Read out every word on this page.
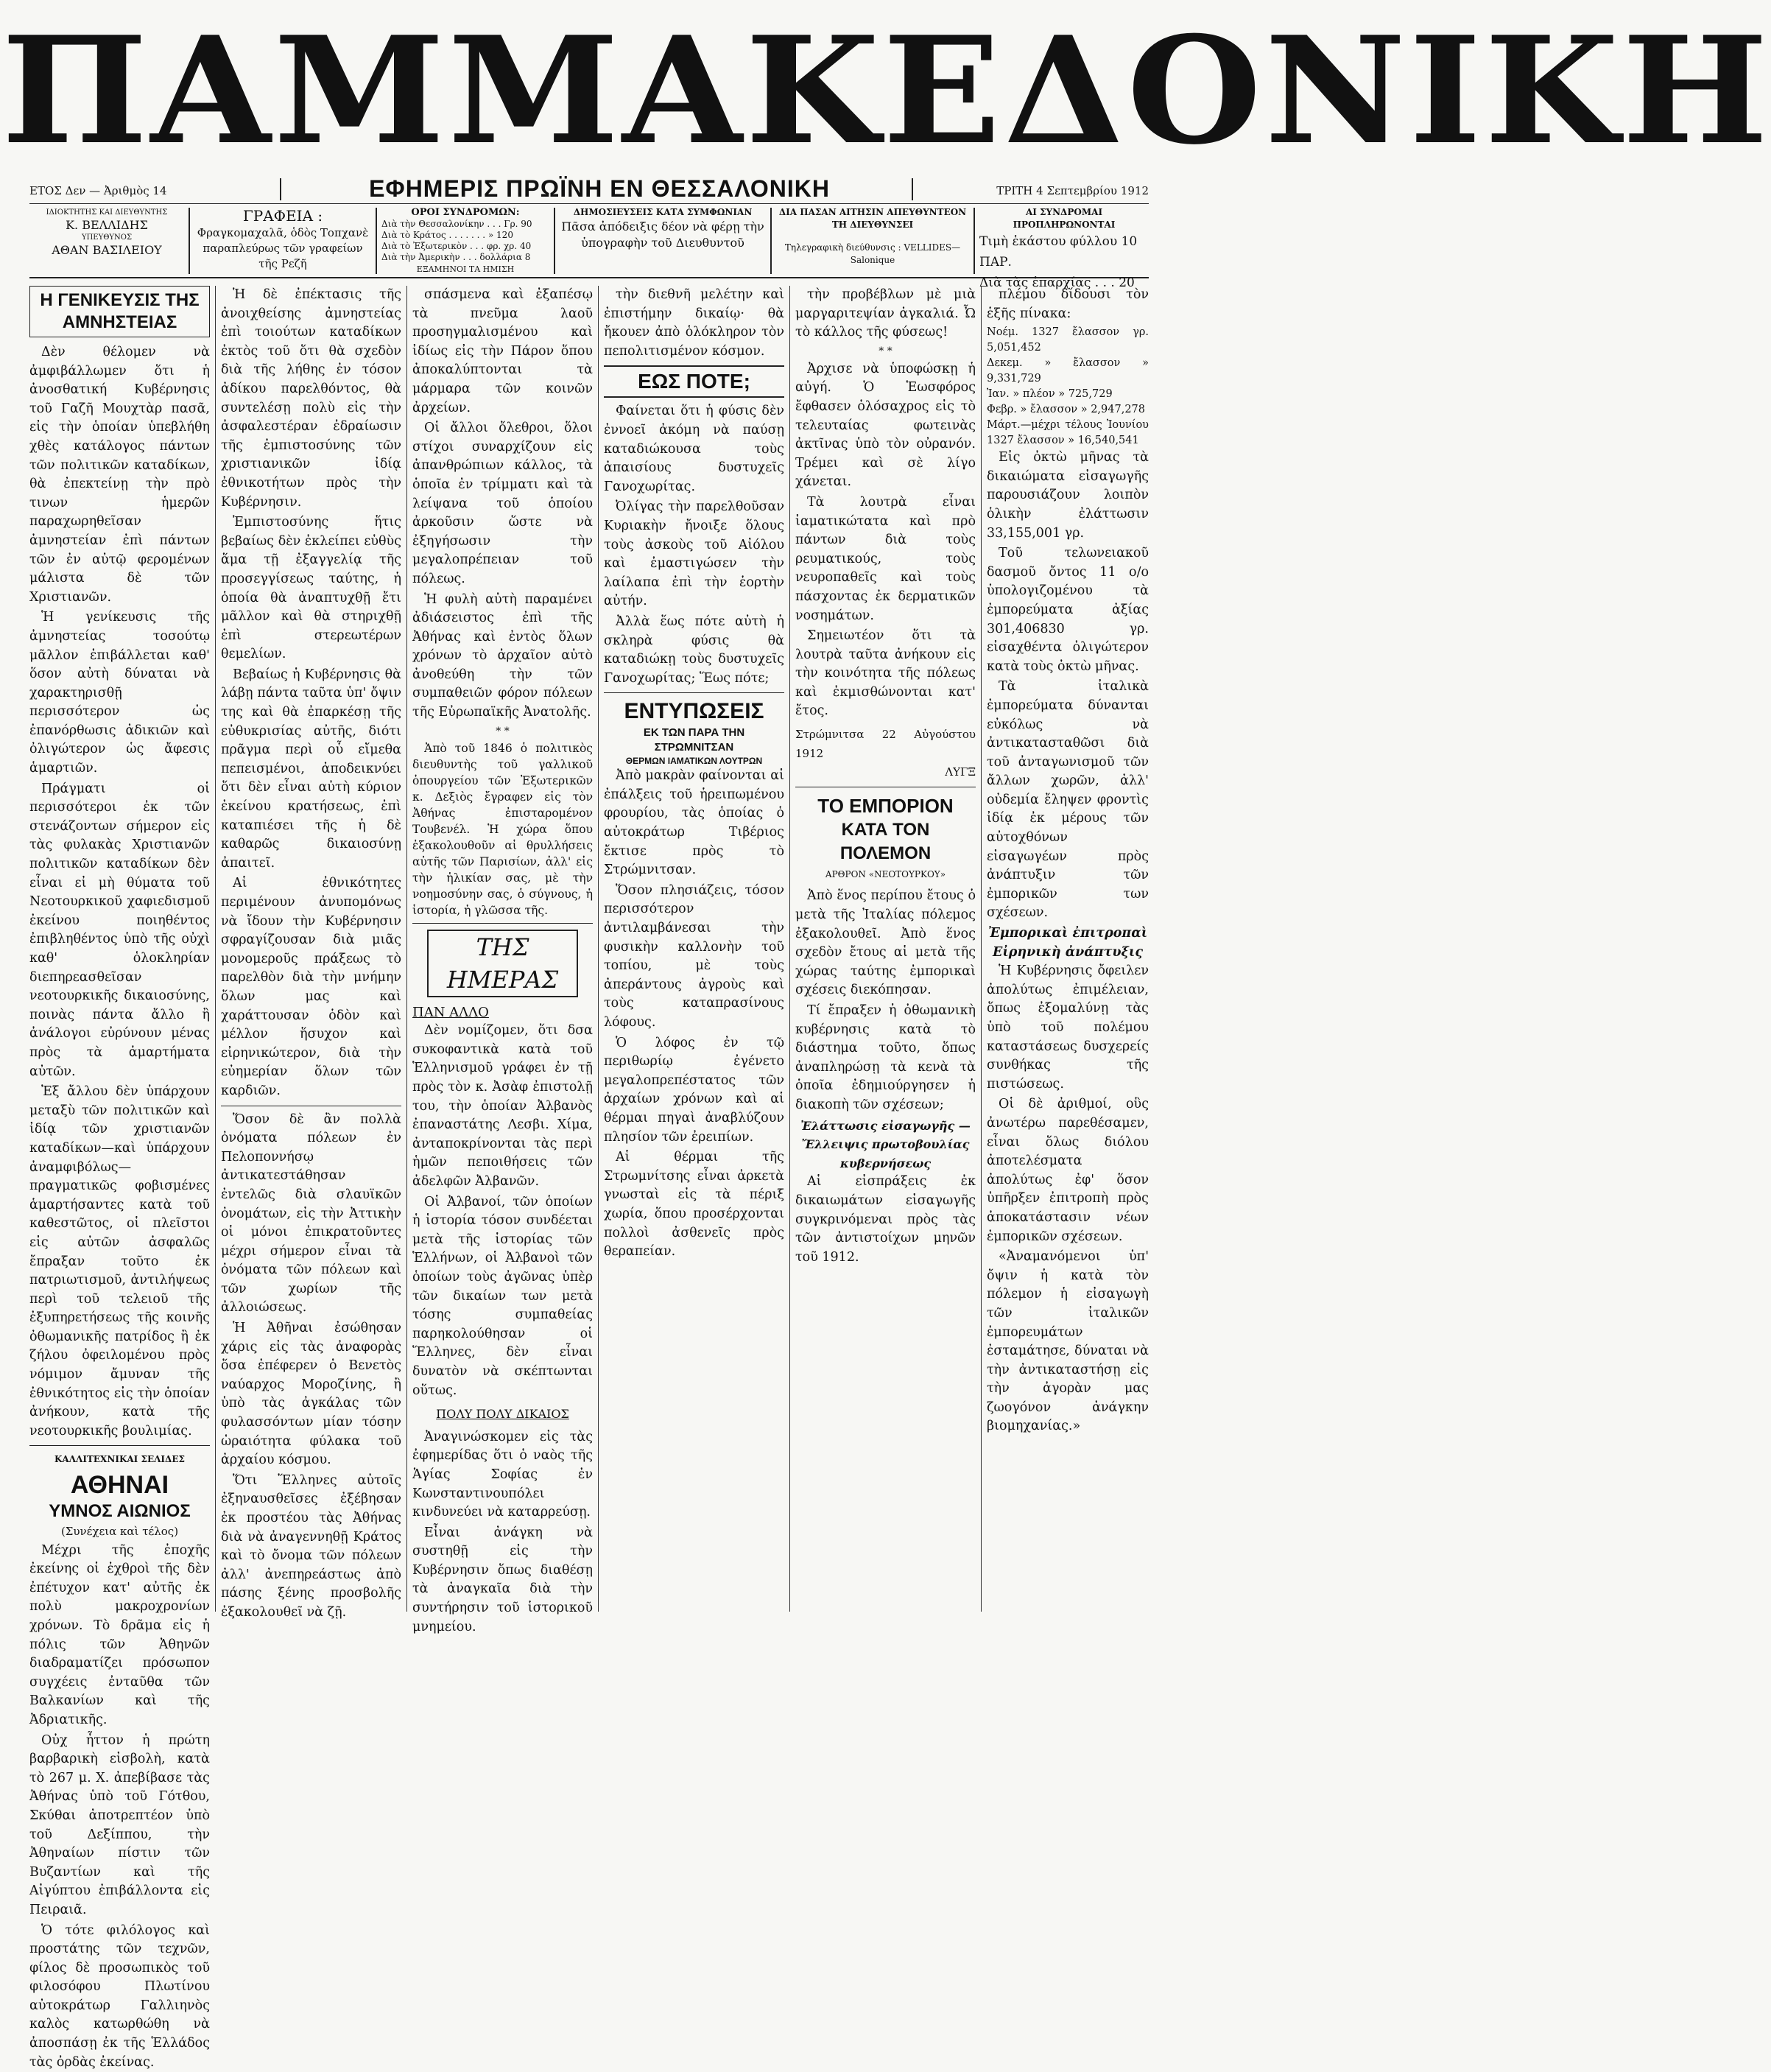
ΠΑΜΜΑΚΕΔΟΝΙΚΗ
ΕΤΟΣ Δεν — Ἀριθμὸς 14	ΕΦΗΜΕΡΙΣ ΠΡΩΪΝΗ ΕΝ ΘΕΣΣΑΛΟΝΙΚΗ	ΤΡΙΤΗ 4 Σεπτεμβρίου 1912
ΙΔΙΟΚΤΗΤΗΣ ΚΑΙ ΔΙΕΥΘΥΝΤΗΣ
Κ. ΒΕΛΛΙΔΗΣ
ΥΠΕΥΘΥΝΟΣ
ΑΘΑΝ ΒΑΣΙΛΕΙΟΥ
ΓΡΑΦΕΙΑ :
Φραγκομαχαλᾶ, ὁδὸς Τοπχανὲ παραπλεύρως τῶν γραφείων τῆς Ρεζῆ
ΟΡΟΙ ΣΥΝΔΡΟΜΩΝ:
Διὰ τὴν Θεσσαλονίκην . . . Γρ. 90
Διὰ τὸ Κράτος . . . . . . . » 120
Διὰ τὸ Ἐξωτερικὸν . . . φρ. χρ. 40
Διὰ τὴν Ἀμερικὴν . . . δολλάρια 8
ΕΞΑΜΗΝΟΙ ΤΑ ΗΜΙΣΗ
ΔΗΜΟΣΙΕΥΣΕΙΣ ΚΑΤΑ ΣΥΜΦΩΝΙΑΝ
Πᾶσα ἀπόδειξις δέον νὰ φέρῃ τὴν ὑπογραφὴν τοῦ Διευθυντοῦ
ΔΙΑ ΠΑΣΑΝ ΑΙΤΗΣΙΝ ΑΠΕΥΘΥΝΤΕΟΝ ΤΗ ΔΙΕΥΘΥΝΣΕΙ
Τηλεγραφικὴ διεύθυνσις : VELLIDES—Salonique
ΑΙ ΣΥΝΔΡΟΜΑΙ ΠΡΟΠΛΗΡΩΝΟΝΤΑΙ
Τιμὴ ἑκάστου φύλλου 10 ΠΑΡ.
Διὰ τὰς ἐπαρχίας . . . 20
Η ΓΕΝΙΚΕΥΣΙΣ ΤΗΣ ΑΜΝΗΣΤΕΙΑΣ

Δὲν θέλομεν νὰ ἀμφιβάλλωμεν ὅτι ἡ ἀνοσθατική Κυβέρνησις τοῦ Γαζῆ Μουχτὰρ πασᾶ, εἰς τὴν ὁποίαν ὑπεβλήθη χθὲς κατάλογος πάντων τῶν πολιτικῶν καταδίκων, θὰ ἐπεκτείνῃ τὴν πρὸ τινων ἡμερῶν παραχωρηθεῖσαν ἀμνηστείαν ἐπὶ πάντων τῶν ἐν αὐτῷ φερομένων μάλιστα δὲ τῶν Χριστιανῶν.

Ἡ γενίκευσις τῆς ἀμνηστείας τοσούτῳ μᾶλλον ἐπιβάλλεται καθ' ὅσον αὐτὴ δύναται νὰ χαρακτηρισθῇ περισσότερον ὡς ἐπανόρθωσις ἀδικιῶν καὶ ὀλιγώτερον ὡς ἄφεσις ἁμαρτιῶν.

Πράγματι οἱ περισσότεροι ἐκ τῶν στενάζοντων σήμερον εἰς τὰς φυλακὰς Χριστιανῶν πολιτικῶν καταδίκων δὲν εἶναι εἰ μὴ θύματα τοῦ Νεοτουρκικοῦ χαφιεδισμοῦ ἐκείνου ποιηθέντος ἐπιβληθέντος ὑπὸ τῆς οὐχὶ καθ' ὁλοκληρίαν διεπηρεασθεῖσαν νεοτουρκικῆς δικαιοσύνης, ποινὰς πάντα ἄλλο ἢ ἀνάλογοι εὐρύνουν μένας πρὸς τὰ ἁμαρτήματα αὐτῶν.

Ἐξ ἄλλου δὲν ὑπάρχουν μεταξὺ τῶν πολιτικῶν καὶ ἰδίᾳ τῶν χριστιανῶν καταδίκων—καὶ ὑπάρχουν ἀναμφιβόλως—πραγματικῶς φοβισμένες ἁμαρτήσαντες κατὰ τοῦ καθεστῶτος, οἱ πλεῖστοι εἰς αὐτῶν ἀσφαλῶς ἔπραξαν τοῦτο ἐκ πατριωτισμοῦ, ἀντιλήψεως περὶ τοῦ τελειοῦ τῆς ἐξυπηρετήσεως τῆς κοινῆς ὀθωμανικῆς πατρίδος ἢ ἐκ ζήλου ὀφειλομένου πρὸς νόμιμον ἄμυναν τῆς ἐθνικότητος εἰς τὴν ὁποίαν ἀνήκουν, κατὰ τῆς νεοτουρκικῆς βουλιμίας.

ΚΑΛΛΙΤΕΧΝΙΚΑΙ ΣΕΛΙΔΕΣ
ΑΘΗΝΑΙ
ΥΜΝΟΣ ΑΙΩΝΙΟΣ
(Συνέχεια καὶ τέλος)

Μέχρι τῆς ἐποχῆς ἐκείνης οἱ ἐχθροὶ τῆς δὲν ἐπέτυχον κατ' αὐτῆς ἐκ πολὺ μακροχρονίων χρόνων. Τὸ δρᾶμα εἰς ἡ πόλις τῶν Ἀθηνῶν διαδραματίζει πρόσωπον συγχέεις ἐνταῦθα τῶν Βαλκανίων καὶ τῆς Ἀδριατικῆς.

Οὐχ ἧττον ἡ πρώτη βαρβαρικὴ εἰσβολὴ, κατὰ τὸ 267 μ. Χ. ἀπεβίβασε τὰς Ἀθήνας ὑπὸ τοῦ Γότθου, Σκύθαι ἀποτρεπτέον ὑπὸ τοῦ Δεξίππου, τὴν Ἀθηναίων πίστιν τῶν Βυζαντίων καὶ τῆς Αἰγύπτου ἐπιβάλλοντα εἰς Πειραιᾶ.

Ὁ τότε φιλόλογος καὶ προστάτης τῶν τεχνῶν, φίλος δὲ προσωπικὸς τοῦ φιλοσόφου Πλωτίνου αὐτοκράτωρ Γαλλιηνὸς καλὸς κατωρθώθη νὰ ἀποσπάσῃ ἐκ τῆς Ἑλλάδος τὰς ὀρδὰς ἐκείνας.

Ἡ δὲ ἐπέκτασις τῆς ἀνοιχθείσης ἀμνηστείας ἐπὶ τοιούτων καταδίκων ἐκτὸς τοῦ ὅτι θὰ σχεδὸν διὰ τῆς λήθης ἐν τόσον ἀδίκου παρελθόντος, θὰ συντελέσῃ πολὺ εἰς τὴν ἀσφαλεστέραν ἐδραίωσιν τῆς ἐμπιστοσύνης τῶν χριστιανικῶν ἰδίᾳ ἐθνικοτήτων πρὸς τὴν Κυβέρνησιν.

Ἐμπιστοσύνης ἥτις βεβαίως δὲν ἐκλείπει εὑθὺς ἅμα τῇ ἐξαγγελίᾳ τῆς προσεγγίσεως ταύτης, ἡ ὁποία θὰ ἀναπτυχθῇ ἔτι μᾶλλον καὶ θὰ στηριχθῇ ἐπὶ στερεωτέρων θεμελίων.

Βεβαίως ἡ Κυβέρνησις θὰ λάβῃ πάντα ταῦτα ὑπ' ὄψιν της καὶ θὰ ἐπαρκέσῃ τῆς εὐθυκρισίας αὐτῆς, διότι πρᾶγμα περὶ οὗ εἴμεθα πεπεισμένοι, ἀποδεικνύει ὅτι δὲν εἶναι αὐτὴ κύριον ἐκείνου κρατήσεως, ἐπὶ καταπιέσει τῆς ἡ δὲ καθαρῶς δικαιοσύνῃ ἀπαιτεῖ.

Αἱ ἐθνικότητες περιμένουν ἀνυπομόνως νὰ ἴδουν τὴν Κυβέρνησιν σφραγίζουσαν διὰ μιᾶς μονομεροῦς πράξεως τὸ παρελθὸν διὰ τὴν μνήμην ὅλων μας καὶ χαράττουσαν ὁδὸν καὶ μέλλον ἥσυχον καὶ εἰρηνικώτερον, διὰ τὴν εὐημερίαν ὅλων τῶν καρδιῶν.

Ὅσον δὲ ἂν πολλὰ ὀνόματα πόλεων ἐν Πελοποννήσῳ ἀντικατεστάθησαν ἐντελῶς διὰ σλαυϊκῶν ὀνομάτων, εἰς τὴν Ἀττικὴν οἱ μόνοι ἐπικρατοῦντες μέχρι σήμερον εἶναι τὰ ὀνόματα τῶν πόλεων καὶ τῶν χωρίων τῆς ἀλλοιώσεως.

Ἡ Ἀθῆναι ἐσώθησαν χάρις εἰς τὰς ἀναφορὰς ὅσα ἐπέφερεν ὁ Βενετὸς ναύαρχος Μοροζίνης, ἢ ὑπὸ τὰς ἀγκάλας τῶν φυλασσόντων μίαν τόσην ὡραιότητα φύλακα τοῦ ἀρχαίου κόσμου.

Ὅτι Ἕλληνες αὐτοῖς ἐξηναυσθεῖσες ἐξέβησαν ἐκ προστέου τὰς Ἀθήνας διὰ νὰ ἀναγεννηθῇ Κράτος καὶ τὸ ὄνομα τῶν πόλεων ἀλλ' ἀνεπηρεάστως ἀπὸ πάσης ξένης προσβολῆς ἐξακολουθεῖ νὰ ζῇ.

σπάσμενα καὶ ἐξαπέσῳ τὰ πνεῦμα λαοῦ προσηγμαλισμένου καὶ ἰδίως εἰς τὴν Πάρον ὅπου ἀποκαλύπτονται τὰ μάρμαρα τῶν κοινῶν ἀρχείων.

Οἱ ἄλλοι ὄλεθροι, ὅλοι στίχοι συναρχίζουν εἰς ἀπανθρώπιων κάλλος, τὰ ὁποῖα ἐν τρίμματι καὶ τὰ λείψανα τοῦ ὁποίου ἀρκοῦσιν ὥστε νὰ ἐξηγήσωσιν τὴν μεγαλοπρέπειαν τοῦ πόλεως.

Ἡ φυλὴ αὐτὴ παραμένει ἀδιάσειστος ἐπὶ τῆς Ἀθήνας καὶ ἐντὸς ὅλων χρόνων τὸ ἀρχαῖον αὐτὸ ἀνοθεύθη τὴν τῶν συμπαθειῶν φόρον πόλεων τῆς Εὐρωπαϊκῆς Ἀνατολῆς.

* *

Ἀπὸ τοῦ 1846 ὁ πολιτικὸς διευθυντὴς τοῦ γαλλικοῦ ὁπουργείου τῶν Ἐξωτερικῶν κ. Δεξιὸς ἔγραφεν εἰς τὸν Ἀθήνας ἐπισταρομένον Τουβενέλ. Ἡ χώρα ὅπου ἐξακολουθοῦν αἱ θρυλλήσεις αὐτῆς τῶν Παρισίων, ἀλλ' εἰς τὴν ἡλικίαν σας, μὲ τὴν νοημοσύνην σας, ὁ σύγνους, ἡ ἱστορία, ἡ γλῶσσα τῆς.

ΤΗΣ ΗΜΕΡΑΣ
ΠΑΝ ΑΛΛΟ

Δὲν νομίζομεν, ὅτι δσα συκοφαντικὰ κατὰ τοῦ Ἑλληνισμοῦ γράφει ἐν τῇ πρὸς τὸν κ. Ἀσὰφ ἐπιστολῇ του, τὴν ὁποίαν Ἀλβανὸς ἐπαναστάτης Λεσβι. Χίμα, ἀνταποκρίνονται τὰς περὶ ἡμῶν πεποιθήσεις τῶν ἀδελφῶν Ἀλβανῶν.

Οἱ Ἀλβανοί, τῶν ὁποίων ἡ ἱστορία τόσον συνδέεται μετὰ τῆς ἱστορίας τῶν Ἑλλήνων, οἱ Ἀλβανοὶ τῶν ὁποίων τοὺς ἀγῶνας ὑπὲρ τῶν δικαίων των μετὰ τόσης συμπαθείας παρηκολούθησαν οἱ Ἕλληνες, δὲν εἶναι δυνατὸν νὰ σκέπτωνται οὕτως.

ΠΟΛΥ ΠΟΛΥ ΔΙΚΑΙΟΣ

Ἀναγινώσκομεν εἰς τὰς ἐφημερίδας ὅτι ὁ ναὸς τῆς Ἁγίας Σοφίας ἐν Κωνσταντινουπόλει κινδυνεύει νὰ καταρρεύσῃ.

Εἶναι ἀνάγκη νὰ συστηθῇ εἰς τὴν Κυβέρνησιν ὅπως διαθέσῃ τὰ ἀναγκαῖα διὰ τὴν συντήρησιν τοῦ ἱστορικοῦ μνημείου.

τὴν διεθνῆ μελέτην καὶ ἐπιστήμην δικαίῳ· θὰ ἤκουεν ἀπὸ ὁλόκληρον τὸν πεπολιτισμένον κόσμον.

ΕΩΣ ΠΟΤΕ;

Φαίνεται ὅτι ἡ φύσις δὲν ἐννοεῖ ἀκόμη νὰ παύσῃ καταδιώκουσα τοὺς ἀπαισίους δυστυχεῖς Γανοχωρίτας.

Ὀλίγας τὴν παρελθοῦσαν Κυριακὴν ἤνοιξε ὅλους τοὺς ἀσκοὺς τοῦ Αἰόλου καὶ ἐμαστιγώσεν τὴν λαίλαπα ἐπὶ τὴν ἑορτὴν αὐτήν.

Ἀλλὰ ἕως πότε αὐτὴ ἡ σκληρὰ φύσις θὰ καταδιώκῃ τοὺς δυστυχεῖς Γανοχωρίτας; Ἕως πότε;

ΕΝΤΥΠΩΣΕΙΣ
ΕΚ ΤΩΝ ΠΑΡΑ ΤΗΝ ΣΤΡΩΜΝΙΤΣΑΝ
ΘΕΡΜΩΝ ΙΑΜΑΤΙΚΩΝ ΛΟΥΤΡΩΝ

Ἀπὸ μακρὰν φαίνονται αἱ ἐπάλξεις τοῦ ἡρειπωμένου φρουρίου, τὰς ὁποίας ὁ αὐτοκράτωρ Τιβέριος ἔκτισε πρὸς τὸ Στρώμνιτσαν.

Ὅσον πλησιάζεις, τόσον περισσότερον ἀντιλαμβάνεσαι τὴν φυσικὴν καλλονὴν τοῦ τοπίου, μὲ τοὺς ἀπεράντους ἀγροὺς καὶ τοὺς καταπρασίνους λόφους.

Ὁ λόφος ἐν τῷ περιθωρίῳ ἐγένετο μεγαλοπρεπέστατος τῶν ἀρχαίων χρόνων καὶ αἱ θέρμαι πηγαὶ ἀναβλύζουν πλησίον τῶν ἐρειπίων.

Αἱ θέρμαι τῆς Στρωμνίτσης εἶναι ἀρκετὰ γνωσταὶ εἰς τὰ πέριξ χωρία, ὅπου προσέρχονται πολλοὶ ἀσθενεῖς πρὸς θεραπείαν.

τὴν προβέβλων μὲ μιὰ μαργαριτεψίαν ἀγκαλιά. Ὦ τὸ κάλλος τῆς φύσεως!

* *

Ἀρχισε νὰ ὑποφώσκῃ ἡ αὐγή. Ὁ Ἑωσφόρος ἔφθασεν ὁλόσαχρος εἰς τὸ τελευταίας φωτεινὰς ἀκτῖνας ὑπὸ τὸν οὐρανόν. Τρέμει καὶ σὲ λίγο χάνεται.

Τὰ λουτρὰ εἶναι ἰαματικώτατα καὶ πρὸ πάντων διὰ τοὺς ρευματικούς, τοὺς νευροπαθεῖς καὶ τοὺς πάσχοντας ἐκ δερματικῶν νοσημάτων.

Σημειωτέον ὅτι τὰ λουτρὰ ταῦτα ἀνήκουν εἰς τὴν κοινότητα τῆς πόλεως καὶ ἐκμισθώνονται κατ' ἔτος.

Στρώμνιτσα 22 Αὐγούστου 1912
ΛΥΓΞ
ΤΟ ΕΜΠΟΡΙΟΝ
ΚΑΤΑ ΤΟΝ ΠΟΛΕΜΟΝ
ΑΡΘΡΟΝ «ΝΕΟΤΟΥΡΚΟΥ»

Ἀπὸ ἕνος περίπου ἔτους ὁ μετὰ τῆς Ἰταλίας πόλεμος ἐξακολουθεῖ. Ἀπὸ ἕνος σχεδὸν ἔτους αἱ μετὰ τῆς χώρας ταύτης ἐμπορικαὶ σχέσεις διεκόπησαν.

Τί ἔπραξεν ἡ ὀθωμανικὴ κυβέρνησις κατὰ τὸ διάστημα τοῦτο, ὅπως ἀναπληρώσῃ τὰ κενὰ τὰ ὁποῖα ἐδημιούργησεν ἡ διακοπὴ τῶν σχέσεων;

Ἐλάττωσις εἰσαγωγῆς — Ἔλλειψις πρωτοβουλίας κυβερνήσεως

Αἱ εἰσπράξεις ἐκ δικαιωμάτων εἰσαγωγῆς συγκρινόμεναι πρὸς τὰς τῶν ἀντιστοίχων μηνῶν τοῦ 1912.

πλέμου δίδουσι τὸν ἑξῆς πίνακα:

Νοέμ. 1327 ἔλασσον γρ. 5,051,452
Δεκεμ. » ἔλασσον » 9,331,729
Ἰαν. » πλέον » 725,729
Φεβρ. » ἔλασσον » 2,947,278
Μάρτ.—μέχρι τέλους Ἰουνίου 1327 ἔλασσον » 16,540,541

Εἰς ὀκτὼ μῆνας τὰ δικαιώματα εἰσαγωγῆς παρουσιάζουν λοιπὸν ὁλικὴν ἐλάττωσιν 33,155,001 γρ.

Τοῦ τελωνειακοῦ δασμοῦ ὄντος 11 ο/ο ὑπολογιζομένου τὰ ἐμπορεύματα ἀξίας 301,406830 γρ. εἰσαχθέντα ὀλιγώτερον κατὰ τοὺς ὀκτὼ μῆνας.

Τὰ ἰταλικὰ ἐμπορεύματα δύνανται εὐκόλως νὰ ἀντικατασταθῶσι διὰ τοῦ ἀνταγωνισμοῦ τῶν ἄλλων χωρῶν, ἀλλ' οὐδεμία ἔληψεν φροντὶς ἰδίᾳ ἐκ μέρους τῶν αὐτοχθόνων εἰσαγωγέων πρὸς ἀνάπτυξιν τῶν ἐμπορικῶν των σχέσεων.

Ἐμπορικαὶ ἐπιτροπαὶ
Εἰρηνικὴ ἀνάπτυξις

Ἡ Κυβέρνησις ὄφειλεν ἀπολύτως ἐπιμέλειαν, ὅπως ἐξομαλύνῃ τὰς ὑπὸ τοῦ πολέμου καταστάσεως δυσχερείς συνθήκας τῆς πιστώσεως.

Οἱ δὲ ἀριθμοί, οὓς ἀνωτέρω παρεθέσαμεν, εἶναι ὅλως διόλου ἀποτελέσματα ἀπολύτως ἐφ' ὅσον ὑπῆρξεν ἐπιτροπὴ πρὸς ἀποκατάστασιν νέων ἐμπορικῶν σχέσεων.

«Ἀναμανόμενοι ὑπ' ὄψιν ἡ κατὰ τὸν πόλεμον ἡ εἰσαγωγὴ τῶν ἰταλικῶν ἐμπορευμάτων ἐσταμάτησε, δύναται νὰ τὴν ἀντικαταστήσῃ εἰς τὴν ἀγορὰν μας ζωογόνον ἀνάγκην βιομηχανίας.»
